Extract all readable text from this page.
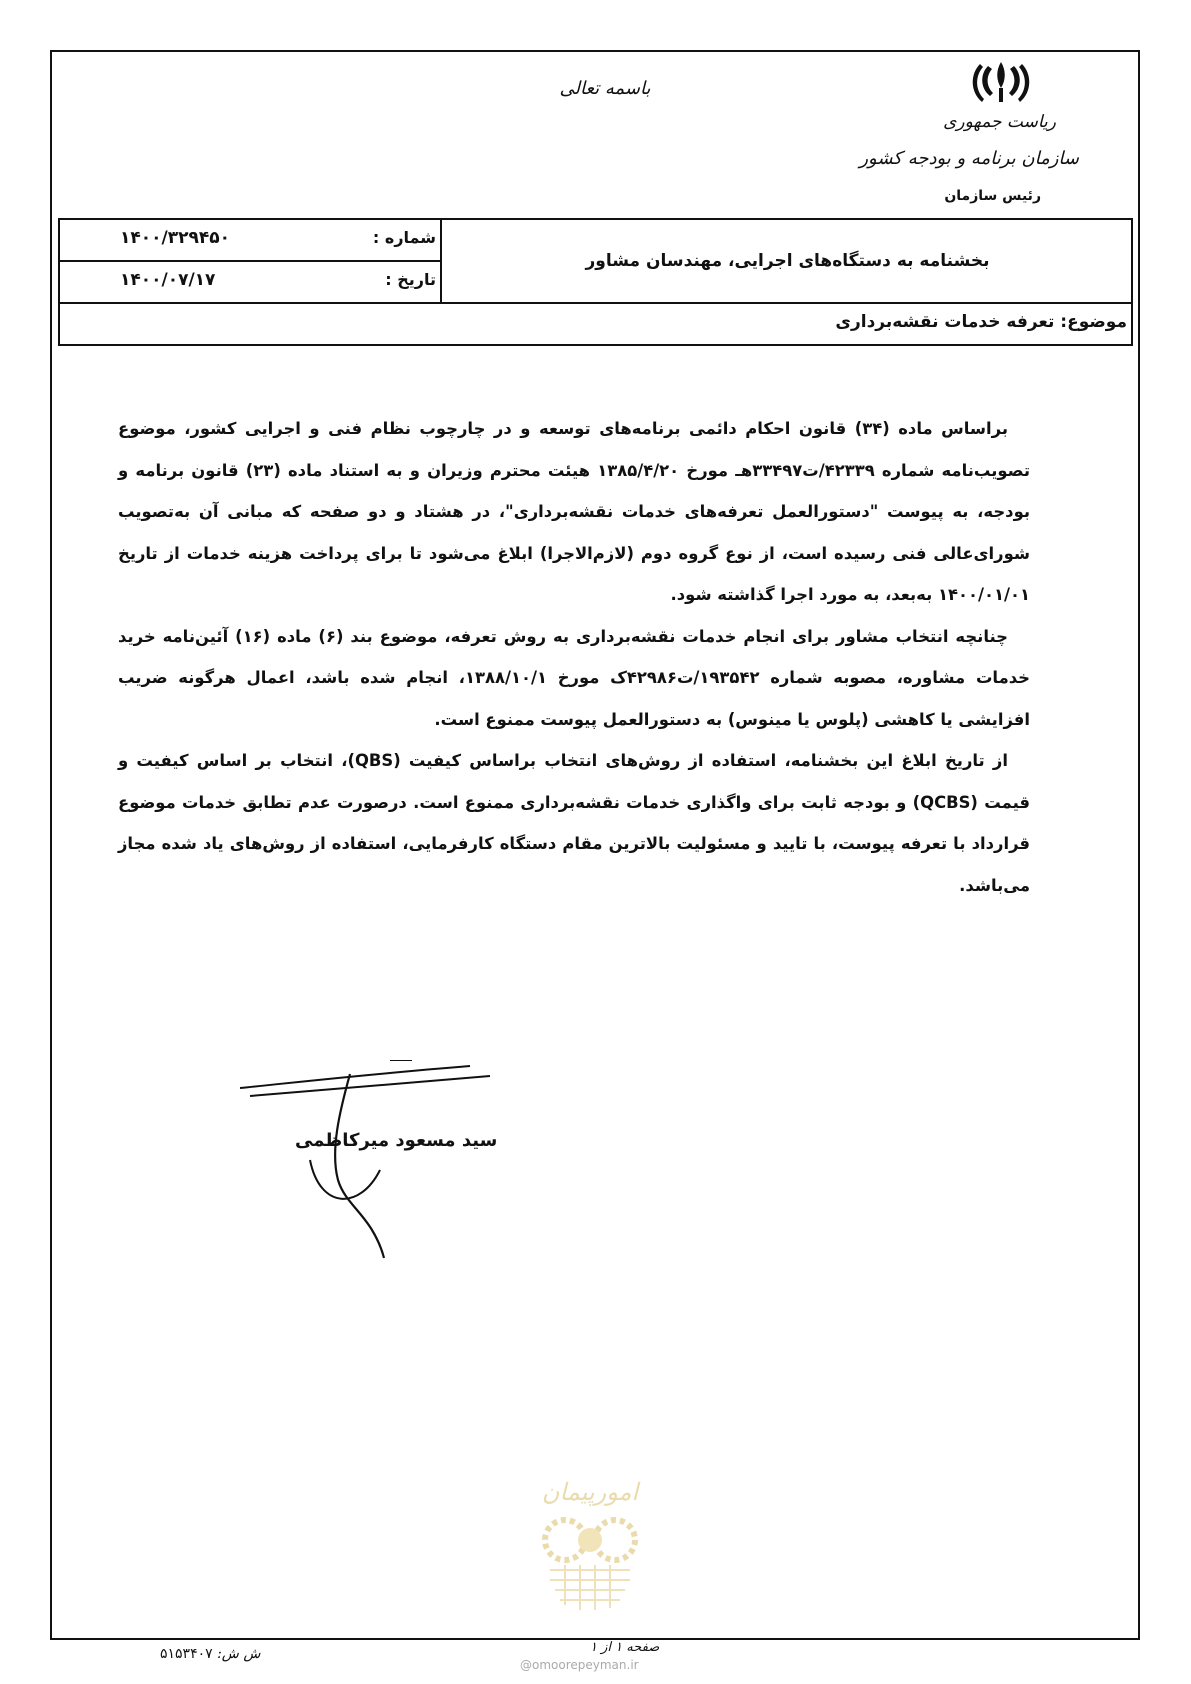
باسمه تعالی
ریاست جمهوری
سازمان برنامه و بودجه کشور
رئیس سازمان
شماره :
۱۴۰۰/۳۲۹۴۵۰
تاریخ :
۱۴۰۰/۰۷/۱۷
بخشنامه به دستگاه‌های اجرایی، مهندسان مشاور
موضوع: تعرفه خدمات نقشه‌برداری

براساس ماده (۳۴) قانون احکام دائمی برنامه‌های توسعه و در چارچوب نظام فنی و اجرایی کشور، موضوع تصویب‌نامه شماره ۴۲۳۳۹/ت۳۳۴۹۷هـ مورخ ۱۳۸۵/۴/۲۰ هیئت محترم وزیران و به استناد ماده (۲۳) قانون برنامه و بودجه، به پیوست "دستورالعمل تعرفه‌های خدمات نقشه‌برداری"، در هشتاد و دو صفحه که مبانی آن به‌تصویب شورای‌عالی فنی رسیده است، از نوع گروه دوم (لازم‌الاجرا) ابلاغ می‌شود تا برای پرداخت هزینه خدمات از تاریخ ۱۴۰۰/۰۱/۰۱ به‌بعد، به مورد اجرا گذاشته شود.

چنانچه انتخاب مشاور برای انجام خدمات نقشه‌برداری به روش تعرفه، موضوع بند (۶) ماده (۱۶) آئین‌نامه خرید خدمات مشاوره، مصوبه شماره ۱۹۳۵۴۲/ت۴۲۹۸۶ک مورخ ۱۳۸۸/۱۰/۱، انجام شده باشد، اعمال هرگونه ضریب افزایشی یا کاهشی (پلوس یا مینوس) به دستورالعمل پیوست ممنوع است.

از تاریخ ابلاغ این بخشنامه، استفاده از روش‌های انتخاب براساس کیفیت (QBS)، انتخاب بر اساس کیفیت و قیمت (QCBS) و بودجه ثابت برای واگذاری خدمات نقشه‌برداری ممنوع است. درصورت عدم تطابق خدمات موضوع قرارداد با تعرفه پیوست، با تایید و مسئولیت بالاترین مقام دستگاه کارفرمایی، استفاده از روش‌های یاد شده مجاز می‌باشد.

سید مسعود میرکاظمی
امورپیمان
ش ش: ۵۱۵۳۴۰۷	صفحه ۱ از ۱
@omoorepeyman.ir
